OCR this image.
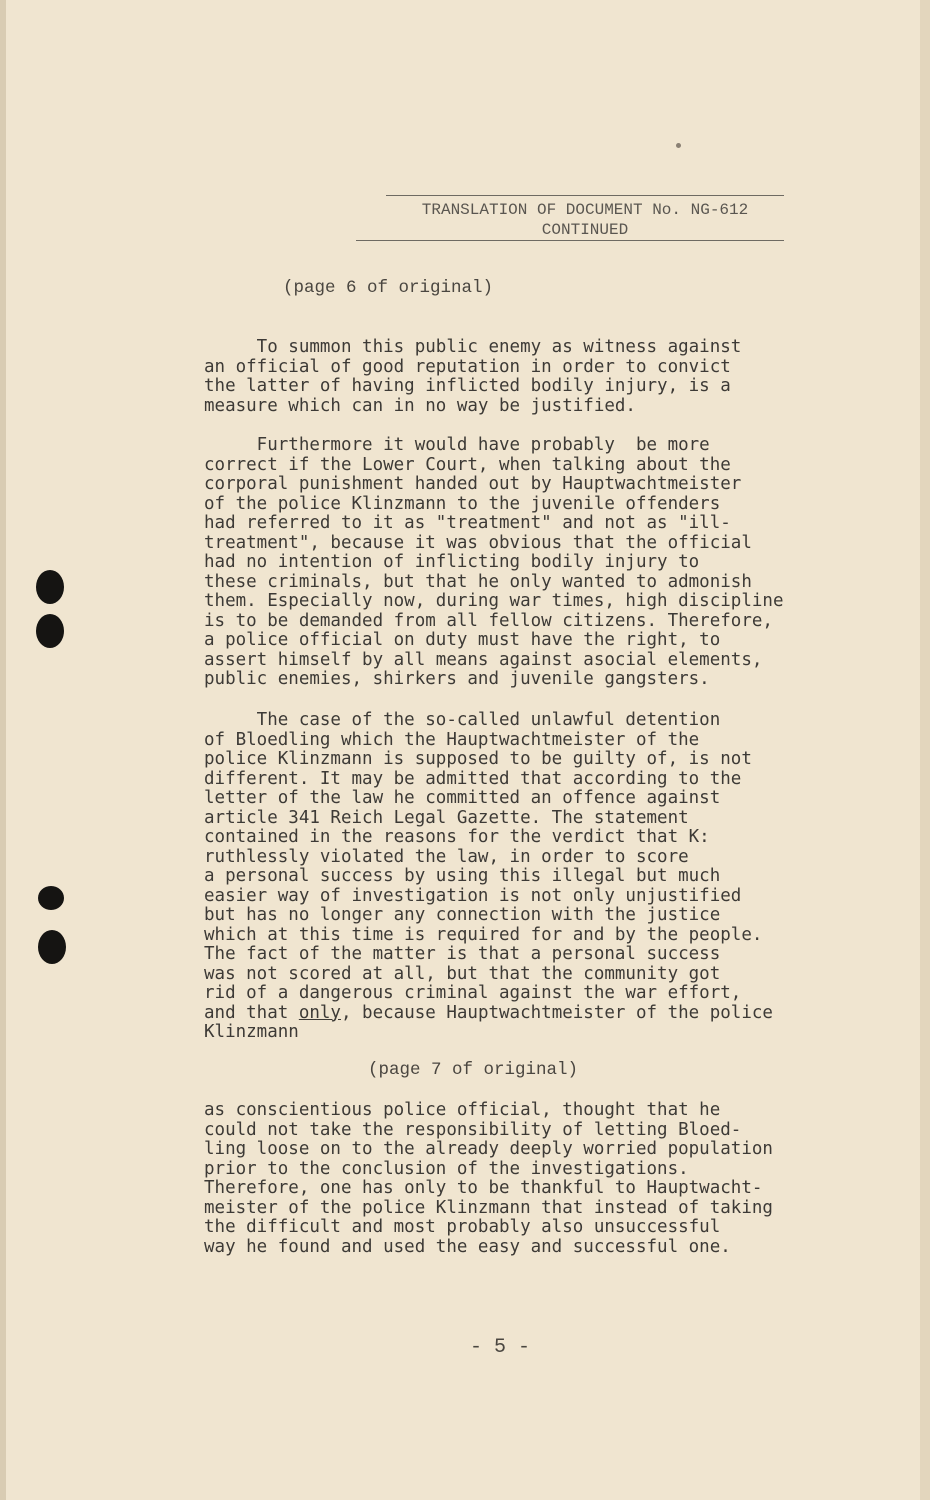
TRANSLATION OF DOCUMENT No. NG-612
CONTINUED
(page 6 of original)
To summon this public enemy as witness against
an official of good reputation in order to convict
the latter of having inflicted bodily injury, is a
measure which can in no way be justified.
Furthermore it would have probably  be more
correct if the Lower Court, when talking about the
corporal punishment handed out by Hauptwachtmeister
of the police Klinzmann to the juvenile offenders
had referred to it as "treatment" and not as "ill-
treatment", because it was obvious that the official
had no intention of inflicting bodily injury to
these criminals, but that he only wanted to admonish
them. Especially now, during war times, high discipline
is to be demanded from all fellow citizens. Therefore,
a police official on duty must have the right, to
assert himself by all means against asocial elements,
public enemies, shirkers and juvenile gangsters.
The case of the so-called unlawful detention
of Bloedling which the Hauptwachtmeister of the
police Klinzmann is supposed to be guilty of, is not
different. It may be admitted that according to the
letter of the law he committed an offence against
article 341 Reich Legal Gazette. The statement
contained in the reasons for the verdict that K:
ruthlessly violated the law, in order to score
a personal success by using this illegal but much
easier way of investigation is not only unjustified
but has no longer any connection with the justice
which at this time is required for and by the people.
The fact of the matter is that a personal success
was not scored at all, but that the community got
rid of a dangerous criminal against the war effort,
and that only, because Hauptwachtmeister of the police
Klinzmann
(page 7 of original)
as conscientious police official, thought that he
could not take the responsibility of letting Bloed-
ling loose on to the already deeply worried population
prior to the conclusion of the investigations.
Therefore, one has only to be thankful to Hauptwacht-
meister of the police Klinzmann that instead of taking
the difficult and most probably also unsuccessful
way he found and used the easy and successful one.
- 5 -
